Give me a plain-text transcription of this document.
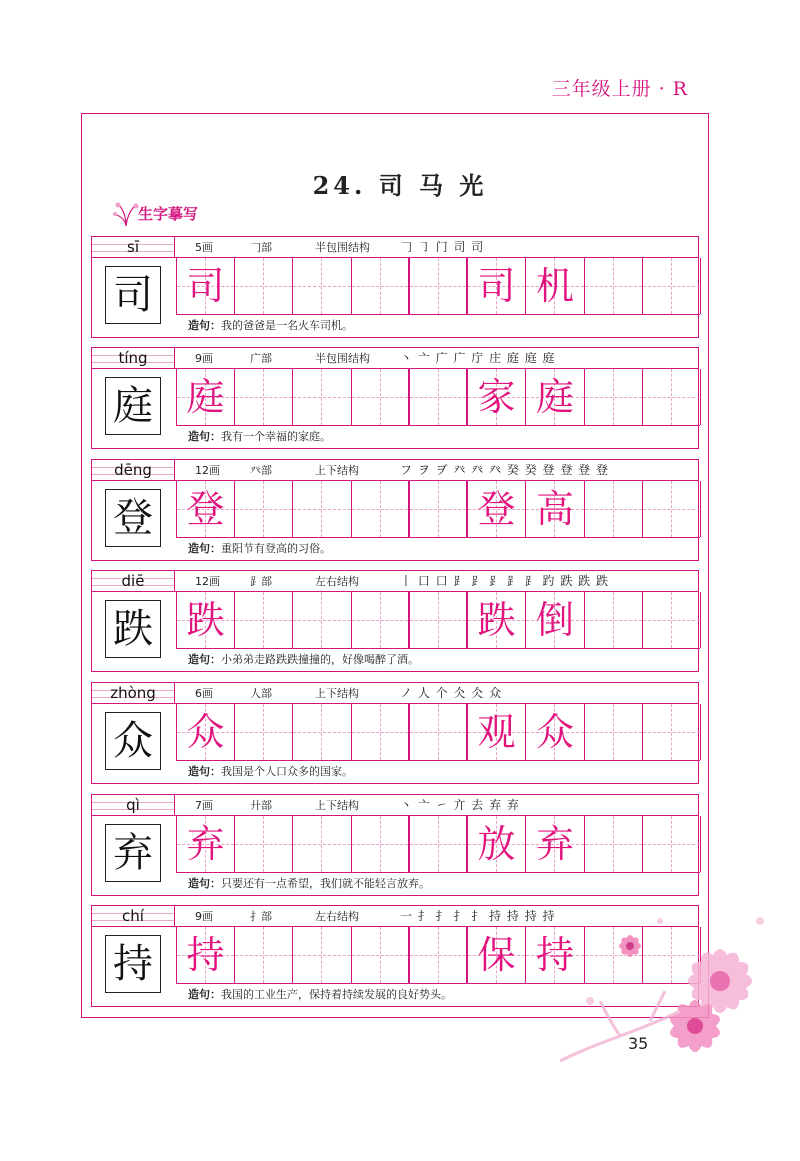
三年级上册 · R
24. 司 马 光
生字摹写
sī	5画	𠃌部	半包围结构	𠃌 ㇆ 门 司 司
司 司	司 机
造句：我的爸爸是一名火车司机。
tíng	9画	广部	半包围结构	丶 亠 广 广 庁 庄 庭 庭 庭
庭 庭	家 庭
造句：我有一个幸福的家庭。
dēng	12画	癶部	上下结构	フ ヲ ヺ 癶 癶 癶 癸 癸 登 登 登 登
登 登	登 高
造句：重阳节有登高的习俗。
diē	12画	⻊部	左右结构	丨 口 口 ⻊ ⻊ ⻊ ⻊ ⻊ 趵 跌 跌 跌
跌 跌	跌 倒
造句：小弟弟走路跌跌撞撞的，好像喝醉了酒。
zhòng	6画	人部	上下结构	ノ 人 个 仌 仌 众
众 众	观 众
造句：我国是个人口众多的国家。
qì	7画	廾部	上下结构	丶 亠 ㇀ 亣 去 弃 弃
弃 弃	放 弃
造句：只要还有一点希望，我们就不能轻言放弃。
chí	9画	扌部	左右结构	一 扌 扌 扌 扌 持 持 持 持
持 持	保 持
造句：我国的工业生产，保持着持续发展的良好势头。
35
